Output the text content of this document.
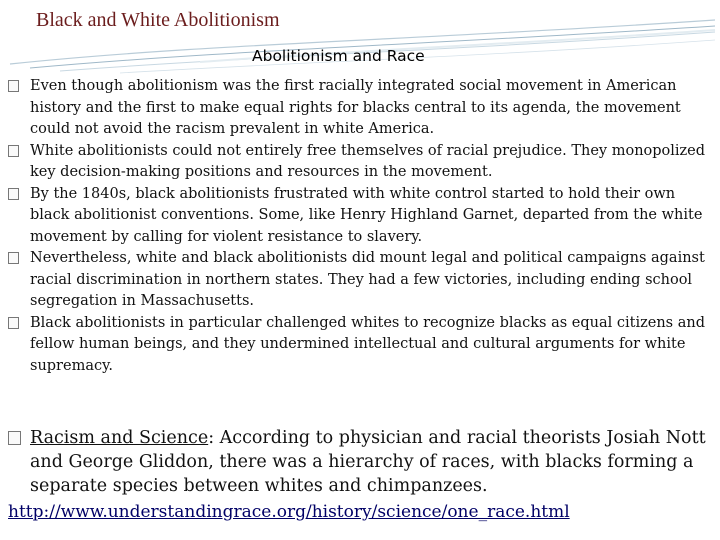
Black and White Abolitionism
Abolitionism and Race
Even though abolitionism was the first racially integrated social movement in American history and the first to make equal rights for blacks central to its agenda, the movement could not avoid the racism prevalent in white America.
White abolitionists could not entirely free themselves of racial prejudice. They monopolized key decision-making positions and resources in the movement.
By the 1840s, black abolitionists frustrated with white control started to hold their own black abolitionist conventions. Some, like Henry Highland Garnet, departed from the white movement by calling for violent resistance to slavery.
Nevertheless, white and black abolitionists did mount legal and political campaigns against racial discrimination in northern states. They had a few victories, including ending school segregation in Massachusetts.
Black abolitionists in particular challenged whites to recognize blacks as equal citizens and fellow human beings, and they undermined intellectual and cultural arguments for white supremacy.
Racism and Science: According to physician and racial theorists Josiah Nott and George Gliddon, there was a hierarchy of races, with blacks forming a separate species between whites and chimpanzees.
http://www.understandingrace.org/history/science/one_race.html
